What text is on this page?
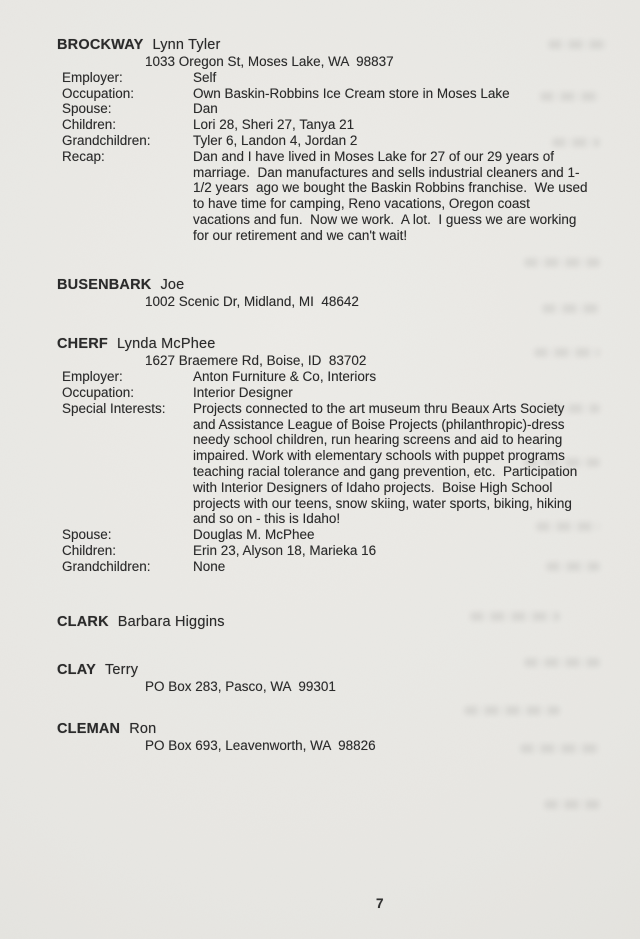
BROCKWAY Lynn Tyler
1033 Oregon St, Moses Lake, WA  98837
Employer:	Self
Occupation:	Own Baskin-Robbins Ice Cream store in Moses Lake
Spouse:	Dan
Children:	Lori 28, Sheri 27, Tanya 21
Grandchildren:	Tyler 6, Landon 4, Jordan 2
Recap:	Dan and I have lived in Moses Lake for 27 of our 29 years of marriage.  Dan manufactures and sells industrial cleaners and 1-1/2 years  ago we bought the Baskin Robbins franchise.  We used to have time for camping, Reno vacations, Oregon coast vacations and fun.  Now we work.  A lot.  I guess we are working for our retirement and we can't wait!
BUSENBARK Joe
1002 Scenic Dr, Midland, MI  48642
CHERF Lynda McPhee
1627 Braemere Rd, Boise, ID  83702
Employer:	Anton Furniture & Co, Interiors
Occupation:	Interior Designer
Special Interests:	Projects connected to the art museum thru Beaux Arts Society and Assistance League of Boise Projects (philanthropic)-dress needy school children, run hearing screens and aid to hearing impaired. Work with elementary schools with puppet programs teaching racial tolerance and gang prevention, etc.  Participation with Interior Designers of Idaho projects.  Boise High School projects with our teens, snow skiing, water sports, biking, hiking and so on - this is Idaho!
Spouse:	Douglas M. McPhee
Children:	Erin 23, Alyson 18, Marieka 16
Grandchildren:	None
CLARK Barbara Higgins
CLAY Terry
PO Box 283, Pasco, WA  99301
CLEMAN Ron
PO Box 693, Leavenworth, WA  98826
7
